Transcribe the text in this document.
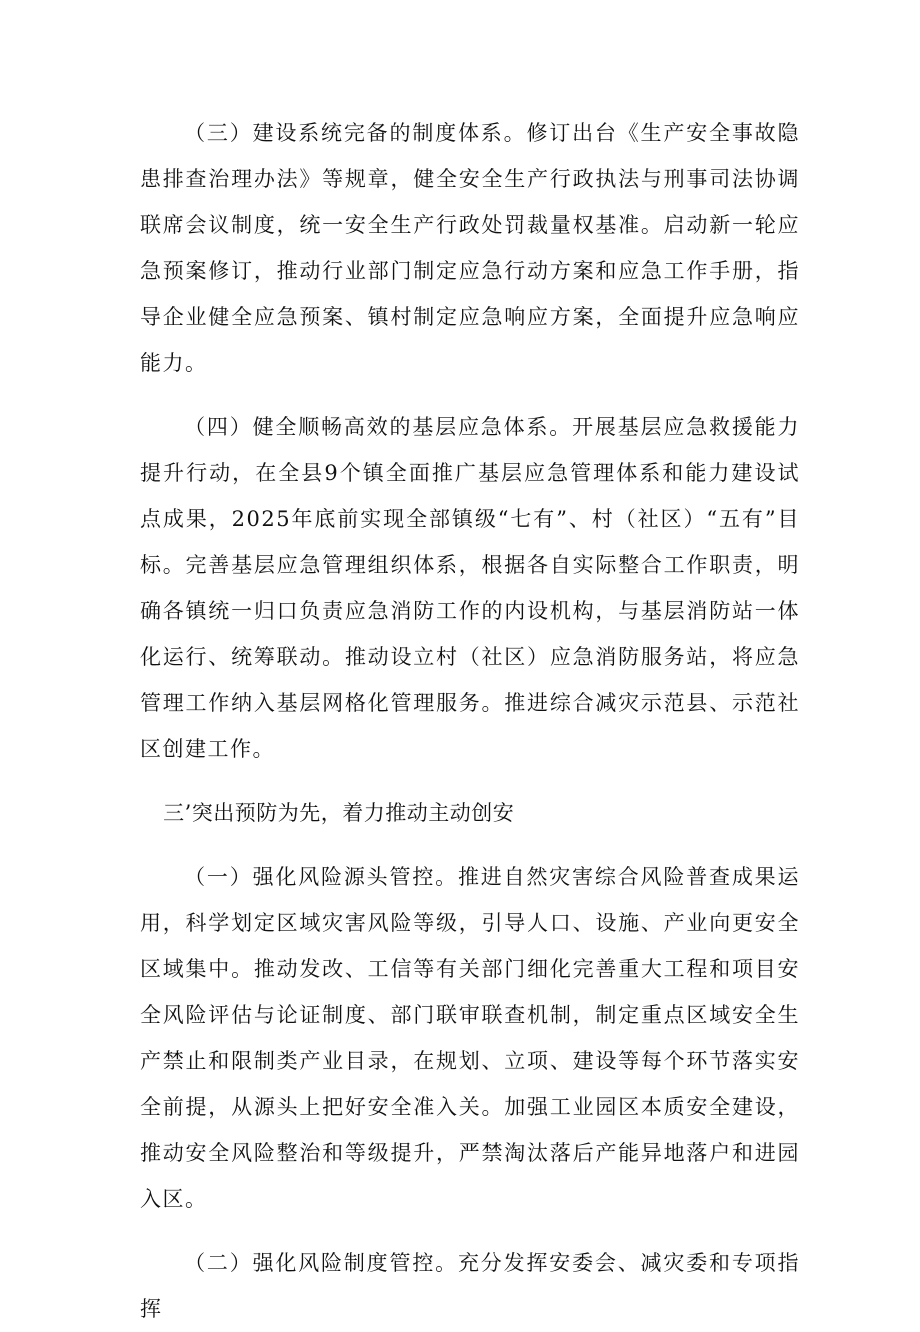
（三）建设系统完备的制度体系。修订出台《生产安全事故隐患排查治理办法》等规章，健全安全生产行政执法与刑事司法协调联席会议制度，统一安全生产行政处罚裁量权基准。启动新一轮应急预案修订，推动行业部门制定应急行动方案和应急工作手册，指导企业健全应急预案、镇村制定应急响应方案，全面提升应急响应能力。

（四）健全顺畅高效的基层应急体系。开展基层应急救援能力提升行动，在全县9个镇全面推广基层应急管理体系和能力建设试点成果，2025年底前实现全部镇级“七有”、村（社区）“五有”目标。完善基层应急管理组织体系，根据各自实际整合工作职责，明确各镇统一归口负责应急消防工作的内设机构，与基层消防站一体化运行、统筹联动。推动设立村（社区）应急消防服务站，将应急管理工作纳入基层网格化管理服务。推进综合减灾示范县、示范社区创建工作。

三’突出预防为先，着力推动主动创安

（一）强化风险源头管控。推进自然灾害综合风险普查成果运用，科学划定区域灾害风险等级，引导人口、设施、产业向更安全区域集中。推动发改、工信等有关部门细化完善重大工程和项目安全风险评估与论证制度、部门联审联查机制，制定重点区域安全生产禁止和限制类产业目录，在规划、立项、建设等每个环节落实安全前提，从源头上把好安全准入关。加强工业园区本质安全建设，推动安全风险整治和等级提升，严禁淘汰落后产能异地落户和进园入区。

（二）强化风险制度管控。充分发挥安委会、减灾委和专项指挥
